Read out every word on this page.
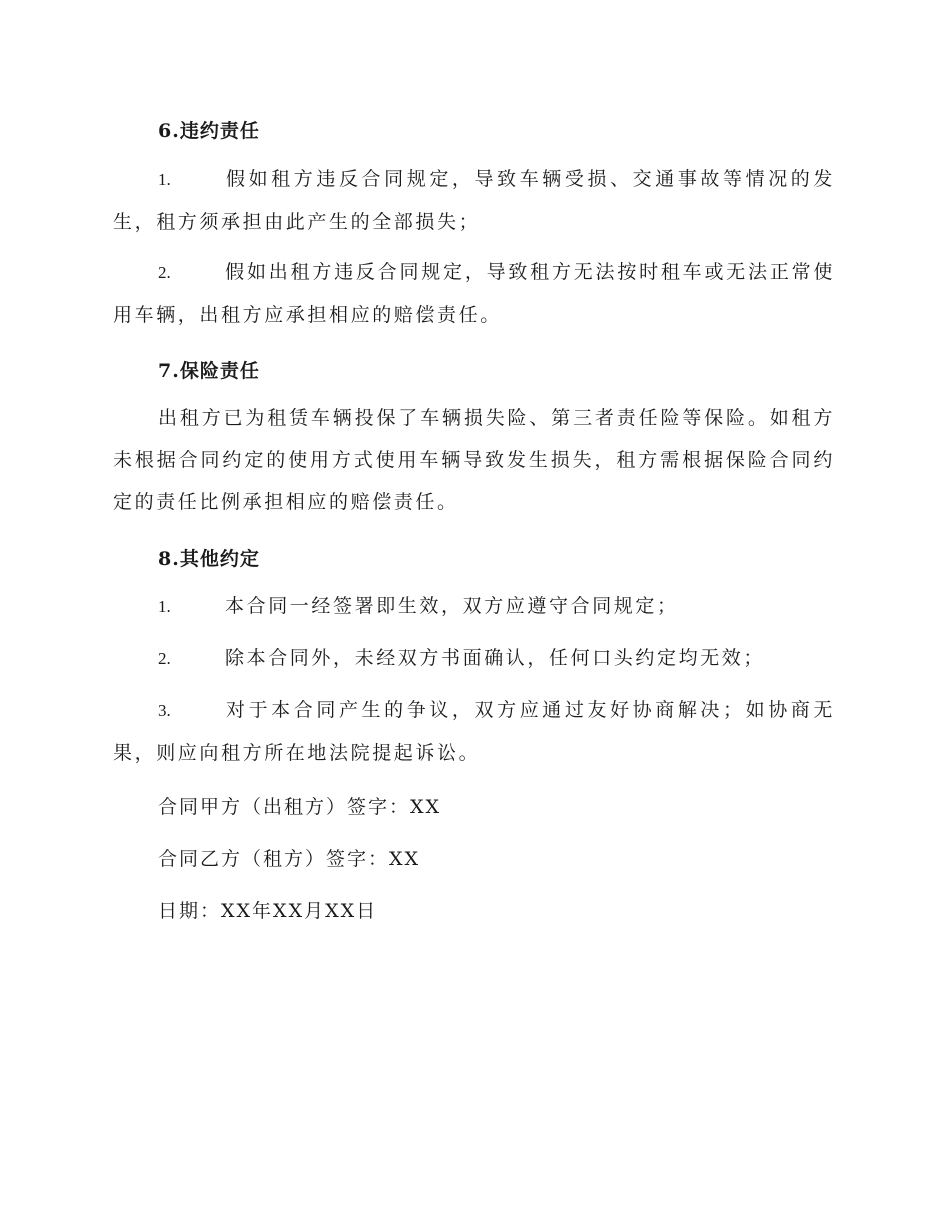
6.违约责任
1.	假如租方违反合同规定，导致车辆受损、交通事故等情况的发生，租方须承担由此产生的全部损失；
2.	假如出租方违反合同规定，导致租方无法按时租车或无法正常使用车辆，出租方应承担相应的赔偿责任。
7.保险责任
出租方已为租赁车辆投保了车辆损失险、第三者责任险等保险。如租方未根据合同约定的使用方式使用车辆导致发生损失，租方需根据保险合同约定的责任比例承担相应的赔偿责任。
8.其他约定
1.	本合同一经签署即生效，双方应遵守合同规定；
2.	除本合同外，未经双方书面确认，任何口头约定均无效；
3.	对于本合同产生的争议，双方应通过友好协商解决；如协商无果，则应向租方所在地法院提起诉讼。
合同甲方（出租方）签字：XX
合同乙方（租方）签字：XX
日期：XX年XX月XX日
